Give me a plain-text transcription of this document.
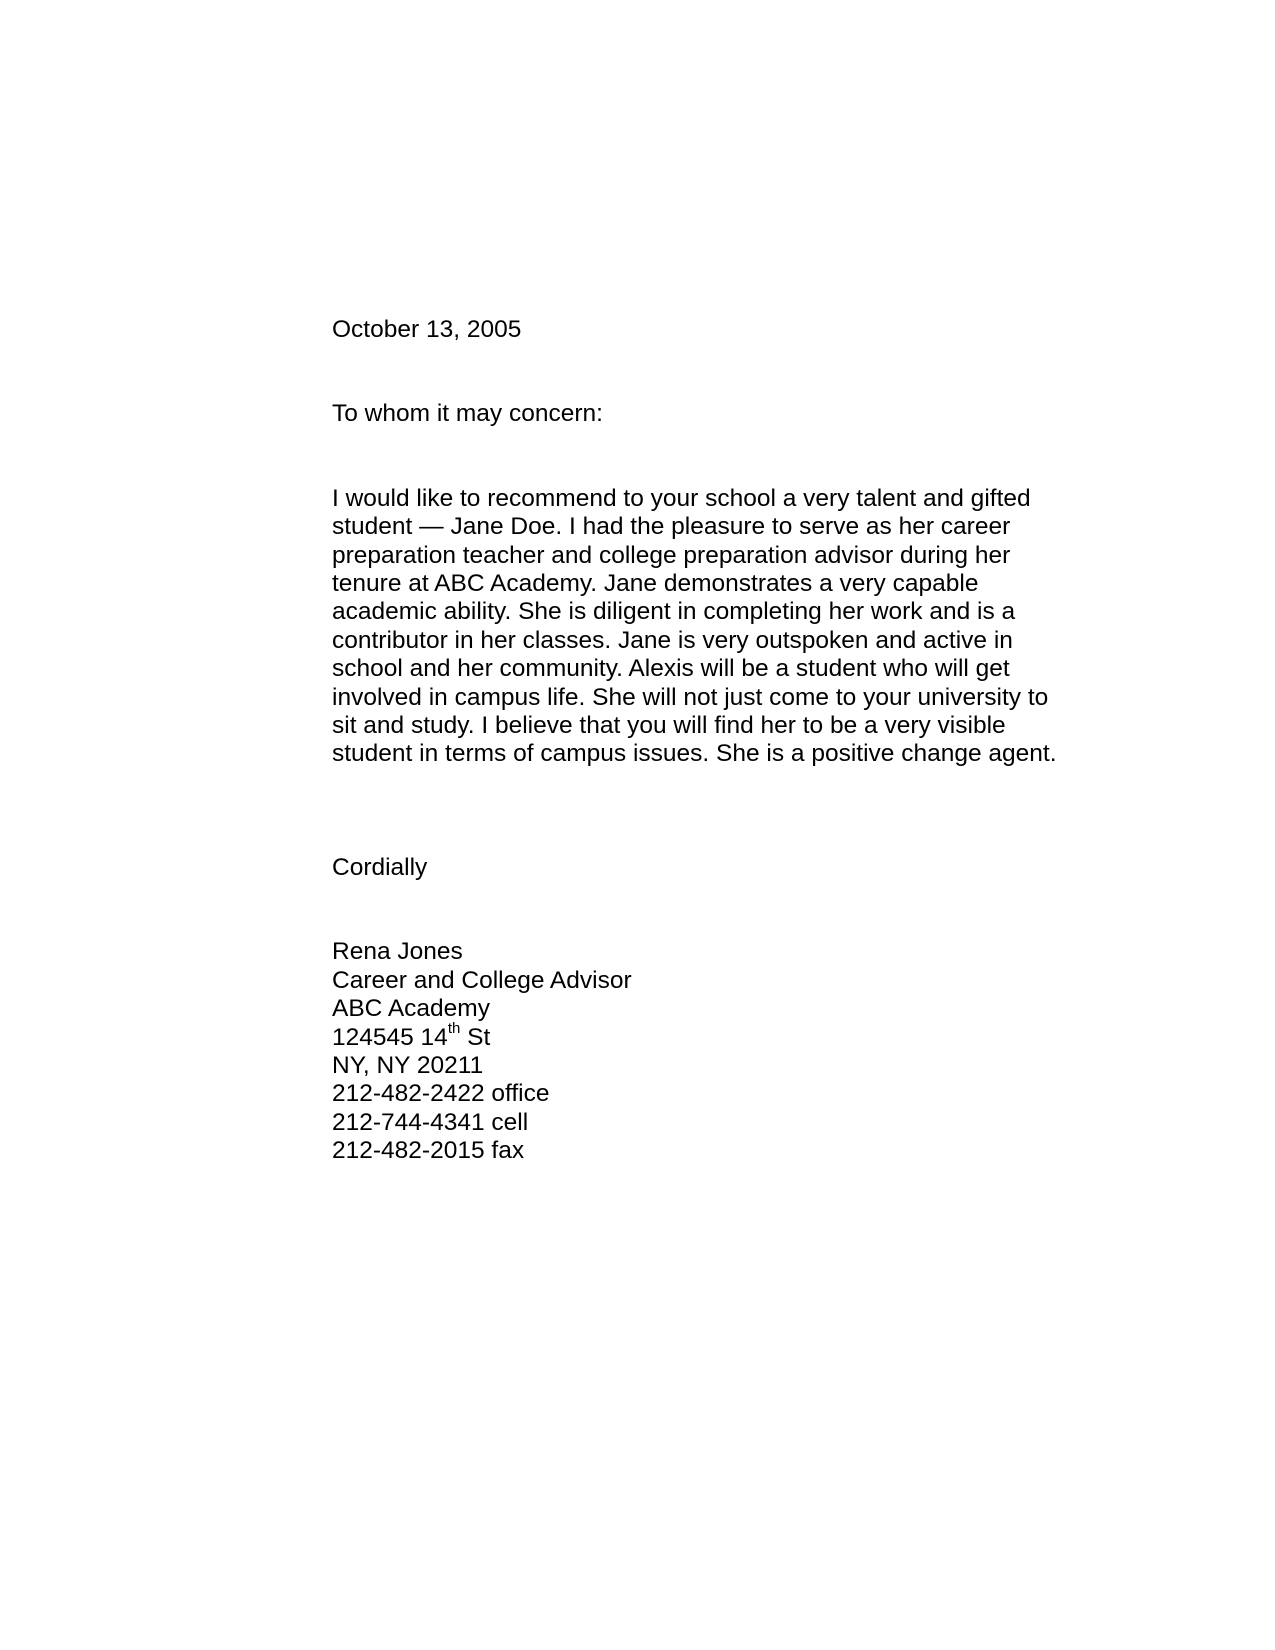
October 13, 2005

To whom it may concern:

I would like to recommend to your school a very talent and gifted
student — Jane Doe. I had the pleasure to serve as her career
preparation teacher and college preparation advisor during her
tenure at ABC Academy. Jane demonstrates a very capable
academic ability. She is diligent in completing her work and is a
contributor in her classes. Jane is very outspoken and active in
school and her community. Alexis will be a student who will get
involved in campus life. She will not just come to your university to
sit and study. I believe that you will find her to be a very visible
student in terms of campus issues. She is a positive change agent.

Cordially

Rena Jones
Career and College Advisor
ABC Academy
124545 14th St
NY, NY 20211
212-482-2422 office
212-744-4341 cell
212-482-2015 fax
